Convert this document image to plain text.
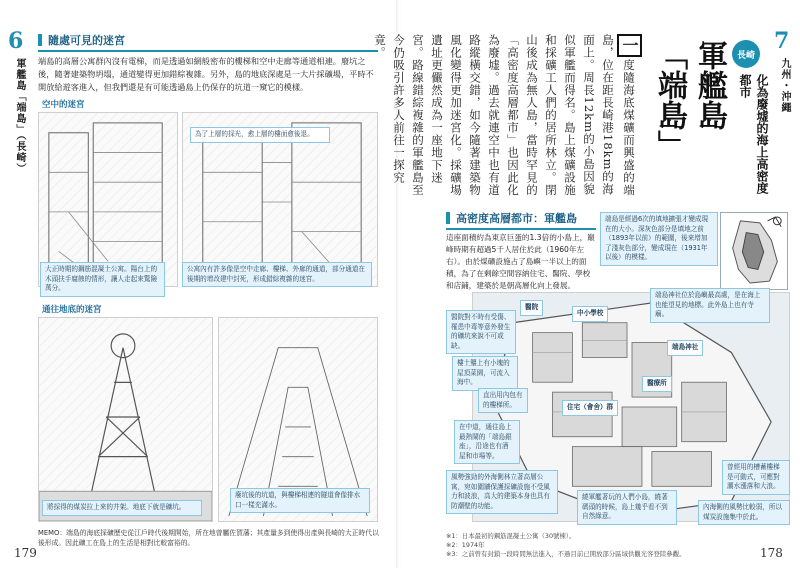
6
軍艦島「端島」（長崎）
隨處可見的迷宮
端島的高層公寓群內沒有電梯，而是透過如網般密布的樓梯和空中走廊等通道相連。廢坑之後，隨著建築物坍塌，通道變得更加錯綜複雜。另外，島的地底深處是一大片採礦場，平時不開放給遊客進入，但我們還是有可能透過島上仍保存的坑道一窺它的模樣。
空中的迷宮
大正時期的鋼筋混凝土公寓。陽台上的木頭扶手腐蝕的情形，讓人走起來驚險萬分。
為了上層的採光，愈上層的樓面愈後退。
公寓內有許多像是空中走廊、樓梯、外廊的通道，部分通道在後期的增改建中封死，形成錯綜複雜的迷宮。
通往地底的迷宮
將採得的煤炭拉上來的井架。地底下就是礦坑。
廢坑後的坑道，與樓梯相連的隧道會像排水口一樣充滿水。
MEMO：端島的海底採礦歷史從江戶時代後期開始，所在地曾屬佐賀藩；其產量多到使得出產與長崎的大正時代以後形成。因此礦工在島上的生活是相對比較富裕的。
179
7
九州・沖繩
長崎
化為廢墟的海上高密度都市
軍艦島
「端島」
一度隨海底煤礦而興盛的端島，位在距長崎港18km的海面上。周長12km的小島因貌似軍艦而得名。島上煤礦設施和採礦工人們的居所林立。閉山後成為無人島，當時罕見的「高密度高層都市」也因此化為廢墟。過去就連空中也有道路縱橫交錯，如今隨著建築物風化變得更加迷宮化。採礦場遺址更儼然成為一座地下迷宮。路線錯綜複雜的軍艦島至今仍吸引許多人前往一探究竟。
高密度高層都市：軍艦島
這座面積約為東京巨蛋的1.3倍的小島上，巔峰時期有超過5千人居住於此（1960年左右）。由於煤礦設施占了島嶼一半以上的面積，為了在剩餘空間容納住宅、醫院、學校和店鋪，建築於是朝高層化向上發展。
端島是經過6次的填地擴張才變成現在的大小。深灰色部分是填地之前（1893年以前）的範圍，後來增加了淺灰色部分，變成現在（1931年以後）的模樣。
醫院
中小學校
住宅（會舍）群
端島神社
醫療所
醫院對不時有受傷、罹患中毒等意外發生的礦坑來說不可或缺。
端島神社位於島嶼最高處，是在海上也能望見的地標。此外島上也有寺廟。
樓土壟上有小塊的屋頂菜園，可流入海中。
直出用內包有的樓梯所。
在中道，通往島上最熱鬧的「端島銀座」，沿途也有酒屋和市場等。
風勢強勁的外海側林立著高層公寓，宛如圍牆保護採礦設施不受風力和波浪，高大的建築本身也具有防潮壁的功能。
繞軍艦著玩的人們小島，繞著碼頭的時候，島上幾乎看不到自然綠意。
曾經用的槽蓄樓梯是可動式，可應對潮水漲落和大浪。
內海側的風勢比較弱，所以煤炭設施集中於此。
※1：日本最初的鋼筋混凝土公寓（30號棟）。
※2：1974年
※3：之前曾有封鎖一段時間無法進入，不過目前已開放部分區域供觀光客登陸參觀。	178
